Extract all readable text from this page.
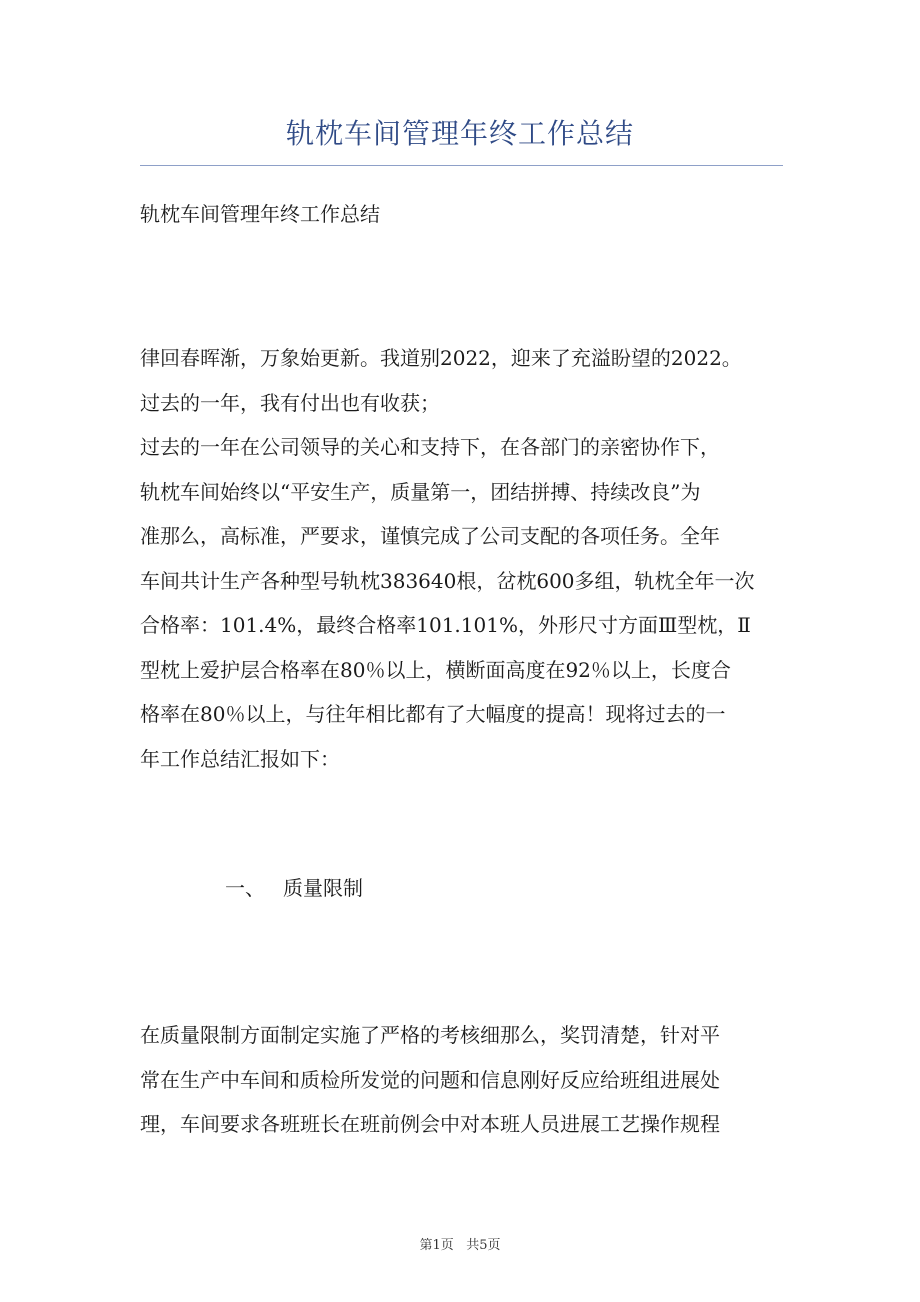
轨枕车间管理年终工作总结

轨枕车间管理年终工作总结

律回春晖渐，万象始更新。我道别2022，迎来了充溢盼望的2022。
过去的一年，我有付出也有收获；
过去的一年在公司领导的关心和支持下，在各部门的亲密协作下，
轨枕车间始终以“平安生产，质量第一，团结拼搏、持续改良”为
准那么，高标准，严要求，谨慎完成了公司支配的各项任务。全年
车间共计生产各种型号轨枕383640根，岔枕600多组，轨枕全年一次
合格率：101.4%，最终合格率101.101%，外形尺寸方面Ⅲ型枕，Ⅱ
型枕上爱护层合格率在80％以上，横断面高度在92％以上，长度合
格率在80％以上，与往年相比都有了大幅度的提高！现将过去的一
年工作总结汇报如下：

一、 质量限制

在质量限制方面制定实施了严格的考核细那么，奖罚清楚，针对平
常在生产中车间和质检所发觉的问题和信息刚好反应给班组进展处
理，车间要求各班班长在班前例会中对本班人员进展工艺操作规程
第1页 共5页
